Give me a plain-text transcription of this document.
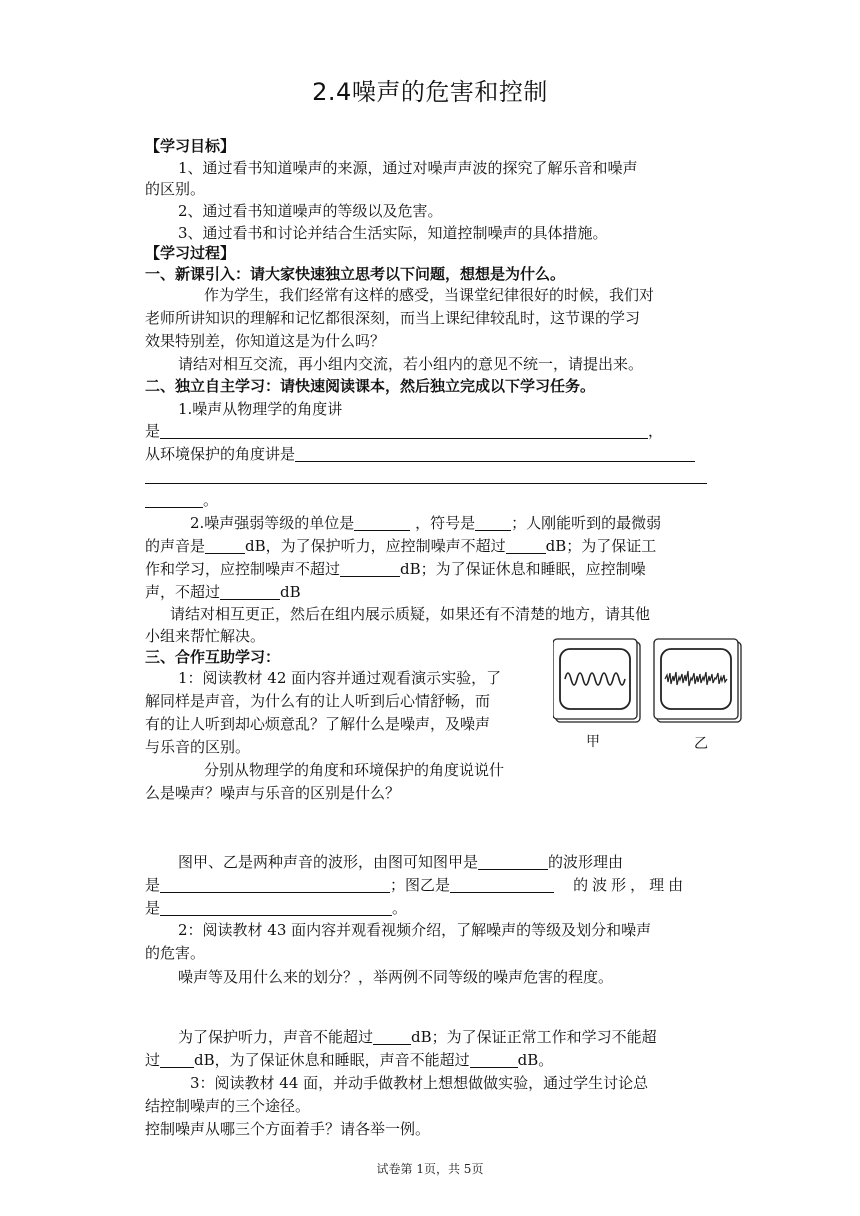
2.4噪声的危害和控制
【学习目标】
1、通过看书知道噪声的来源，通过对噪声声波的探究了解乐音和噪声
的区别。
2、通过看书知道噪声的等级以及危害。
3、通过看书和讨论并结合生活实际，知道控制噪声的具体措施。
【学习过程】
一、新课引入：请大家快速独立思考以下问题，想想是为什么。
作为学生，我们经常有这样的感受，当课堂纪律很好的时候，我们对
老师所讲知识的理解和记忆都很深刻，而当上课纪律较乱时，这节课的学习
效果特别差，你知道这是为什么吗？
请结对相互交流，再小组内交流，若小组内的意见不统一，请提出来。
二、独立自主学习：请快速阅读课本，然后独立完成以下学习任务。
1.噪声从物理学的角度讲
是	，
从环境保护的角度讲是
。
2.噪声强弱等级的单位是	，符号是 ；人刚能听到的最微弱
的声音是	dB，为了保护听力，应控制噪声不超过	dB；为了保证工
作和学习，应控制噪声不超过	dB；为了保证休息和睡眠，应控制噪
声，不超过	dB
请结对相互更正，然后在组内展示质疑，如果还有不清楚的地方，请其他
小组来帮忙解决。
三、合作互助学习：
1：阅读教材 42 面内容并通过观看演示实验，了
解同样是声音，为什么有的让人听到后心情舒畅，而
有的让人听到却心烦意乱？了解什么是噪声，及噪声
与乐音的区别。
分别从物理学的角度和环境保护的角度说说什
么是噪声？噪声与乐音的区别是什么？
甲	乙
图甲、乙是两种声音的波形，由图可知图甲是	的波形理由
是	；图乙是	的波形，理由
是	。
2：阅读教材 43 面内容并观看视频介绍，了解噪声的等级及划分和噪声
的危害。
噪声等及用什么来的划分？，举两例不同等级的噪声危害的程度。
为了保护听力，声音不能超过	dB；为了保证正常工作和学习不能超
过 dB，为了保证休息和睡眠，声音不能超过	dB。
3：阅读教材 44 面，并动手做教材上想想做做实验，通过学生讨论总
结控制噪声的三个途径。
控制噪声从哪三个方面着手？请各举一例。
试卷第 1页，共 5页
